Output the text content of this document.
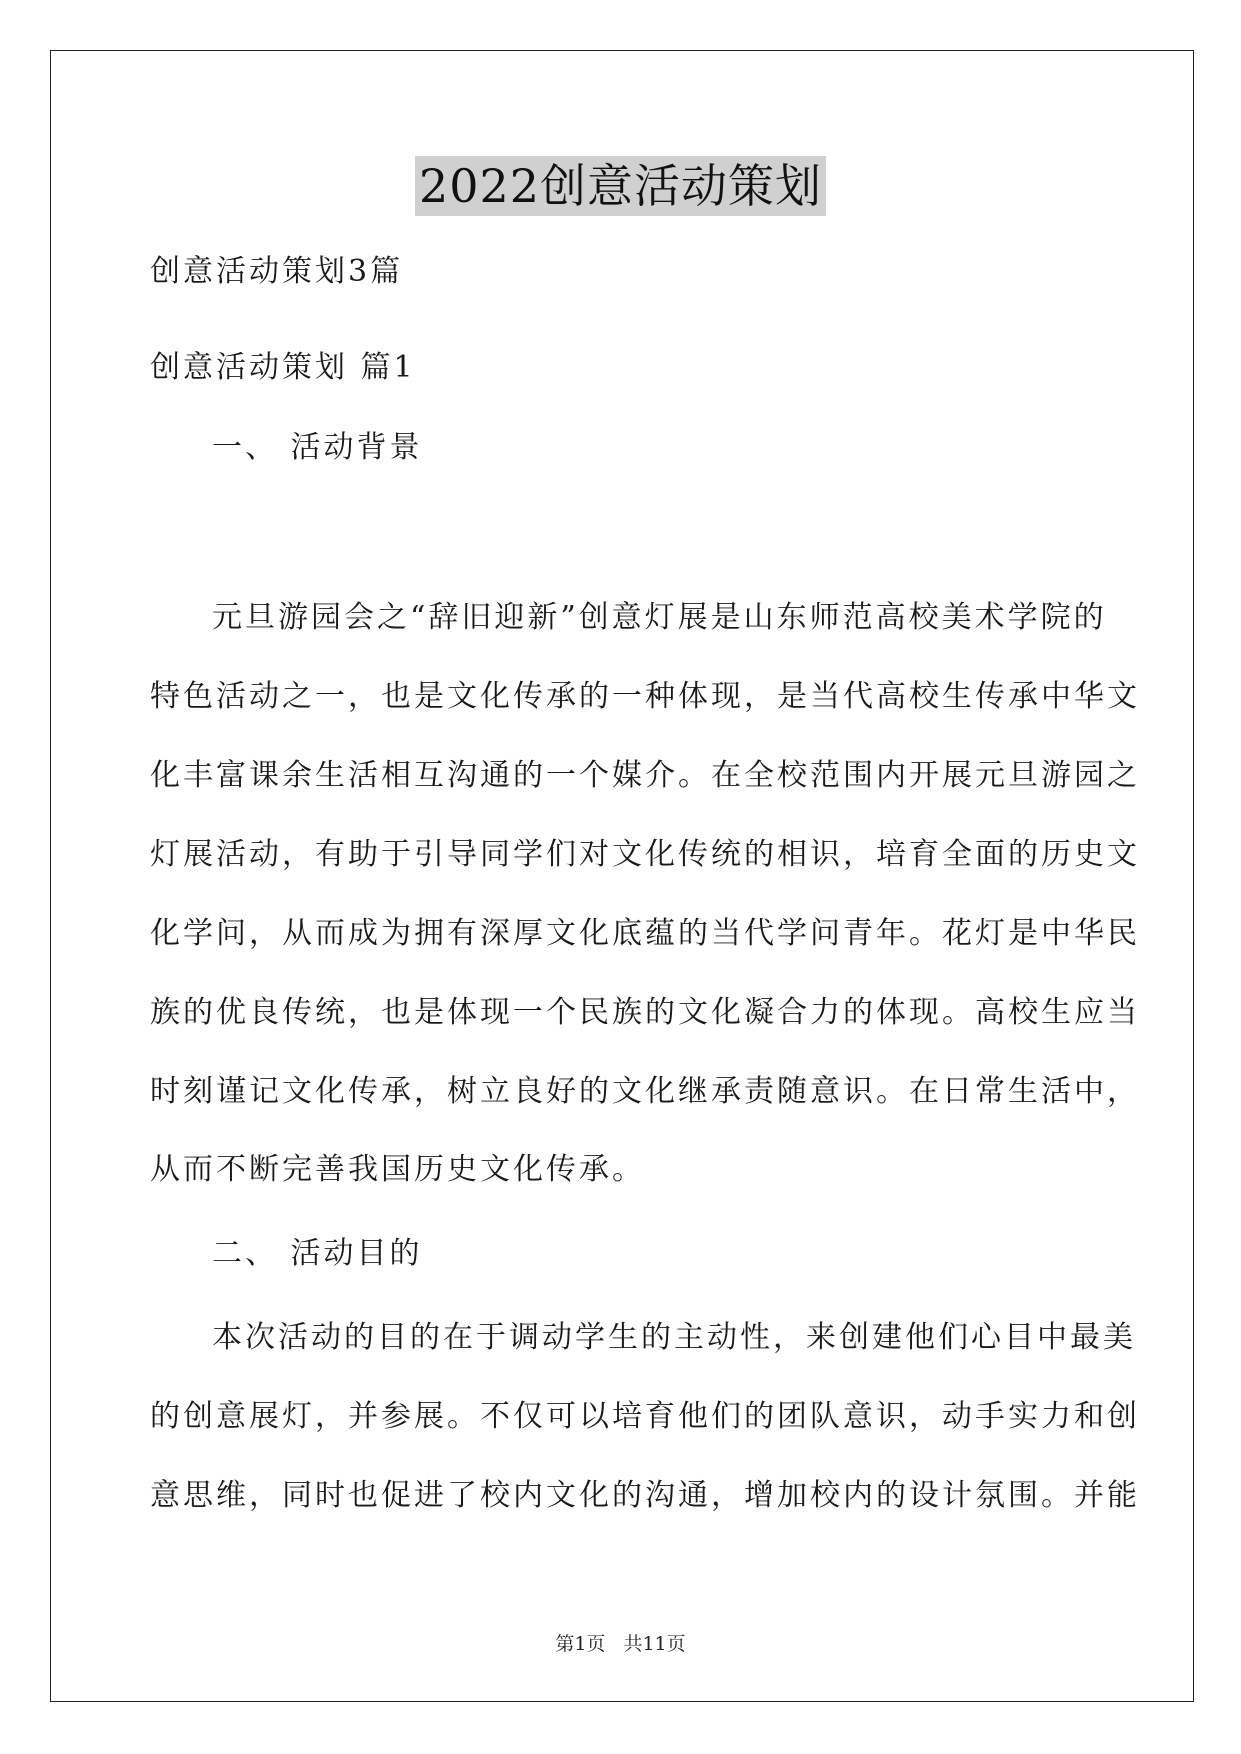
2022创意活动策划
创意活动策划3篇
创意活动策划 篇1
一、 活动背景
元旦游园会之“辞旧迎新”创意灯展是山东师范高校美术学院的
特色活动之一，也是文化传承的一种体现，是当代高校生传承中华文
化丰富课余生活相互沟通的一个媒介。在全校范围内开展元旦游园之
灯展活动，有助于引导同学们对文化传统的相识，培育全面的历史文
化学问，从而成为拥有深厚文化底蕴的当代学问青年。花灯是中华民
族的优良传统，也是体现一个民族的文化凝合力的体现。高校生应当
时刻谨记文化传承，树立良好的文化继承责随意识。在日常生活中，
从而不断完善我国历史文化传承。
二、 活动目的
本次活动的目的在于调动学生的主动性，来创建他们心目中最美
的创意展灯，并参展。不仅可以培育他们的团队意识，动手实力和创
意思维，同时也促进了校内文化的沟通，增加校内的设计氛围。并能
第1页 共11页
